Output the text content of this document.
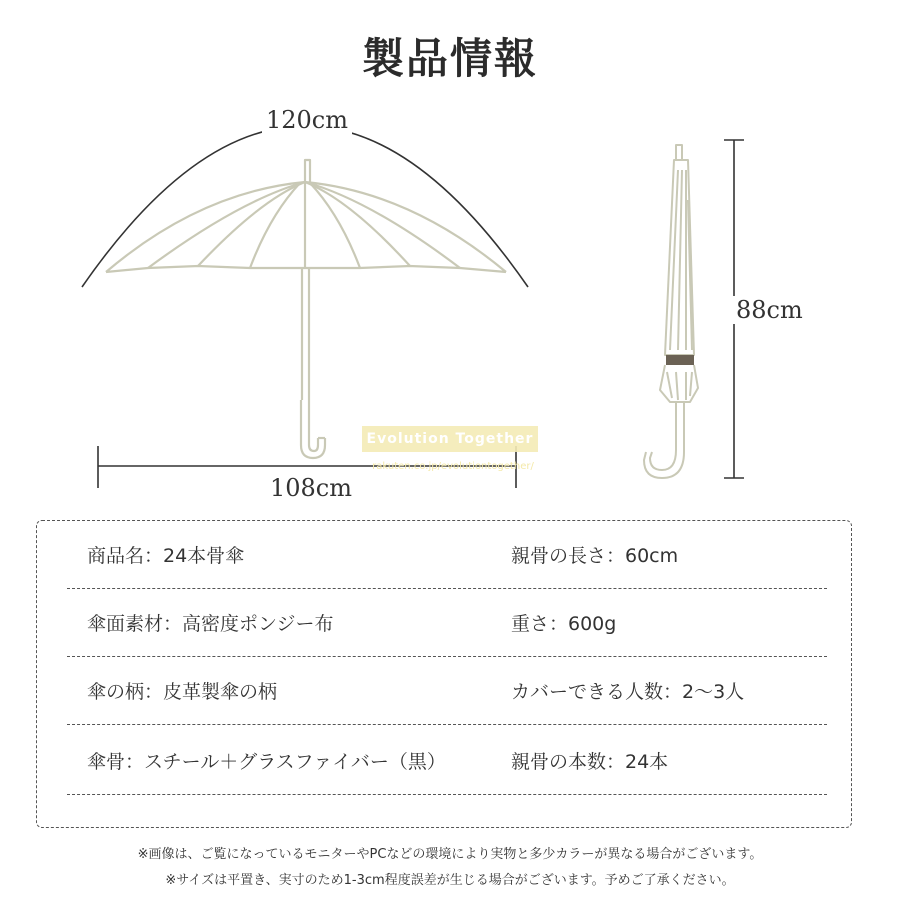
製品情報
120cm
108cm
88cm
Evolution Together
rakuten.co.jp/evolutiontogether/
商品名：24本骨傘	親骨の長さ：60cm
傘面素材：高密度ポンジー布	重さ：600g
傘の柄：皮革製傘の柄	カバーできる人数：2〜3人
傘骨：スチール＋グラスファイバー（黒）	親骨の本数：24本
※画像は、ご覧になっているモニターやPCなどの環境により実物と多少カラーが異なる場合がございます。
※サイズは平置き、実寸のため1-3cm程度誤差が生じる場合がございます。予めご了承ください。
